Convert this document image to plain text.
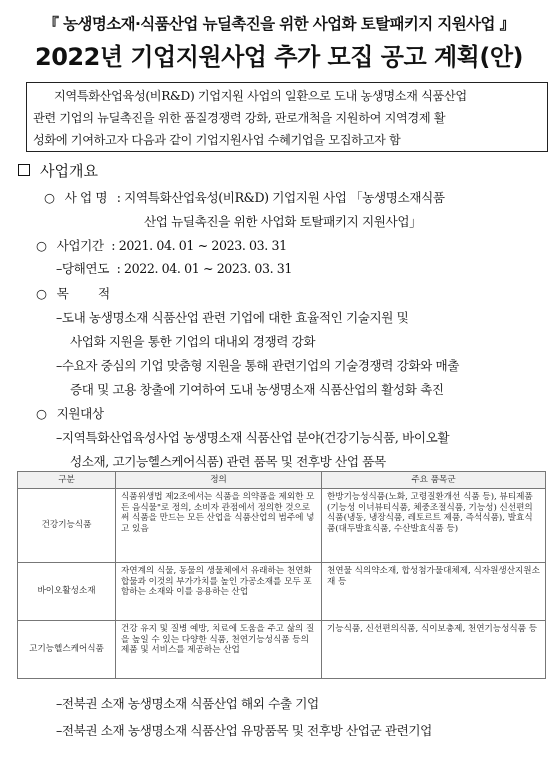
『 농생명소재·식품산업 뉴딜촉진을 위한 사업화 토탈패키지 지원사업 』
2022년 기업지원사업 추가 모집 공고 계획(안)
지역특화산업육성(비R&D) 기업지원 사업의 일환으로 도내 농생명소재 식품산업
관련 기업의 뉴딜촉진을 위한 품질경쟁력 강화, 판로개척을 지원하여 지역경제 활
성화에 기여하고자 다음과 같이 기업지원사업 수혜기업을 모집하고자 함
사업개요
○ 사 업 명 : 지역특화산업육성(비R&D) 기업지원 사업 「농생명소재식품
산업 뉴딜촉진을 위한 사업화 토탈패키지 지원사업」
○ 사업기간 : 2021. 04. 01 ~ 2023. 03. 31
–당해연도 : 2022. 04. 01 ~ 2023. 03. 31
○ 목 적
–도내 농생명소재 식품산업 관련 기업에 대한 효율적인 기술지원 및
사업화 지원을 통한 기업의 대내외 경쟁력 강화
–수요자 중심의 기업 맞춤형 지원을 통해 관련기업의 기술경쟁력 강화와 매출
증대 및 고용 창출에 기여하여 도내 농생명소재 식품산업의 활성화 촉진
○ 지원대상
–지역특화산업육성사업 농생명소재 식품산업 분야(건강기능식품, 바이오활
성소재, 고기능헬스케어식품) 관련 품목 및 전후방 산업 품목
구분	정의	주요 품목군
건강기능식품	식품위생법 제2조에서는 식품을 의약품을 제외한 모든 음식물"로 정의, 소비자 관점에서 정의한 것으로써 식품을 만드는 모든 산업을 식품산업의 범주에 넣고 있음	한방기능성식품(노화, 고령질환개선 식품 등), 뷰티제품(기능성 이너뷰티식품, 체중조절식품, 기능성) 신선편의식품(냉동, 냉장식품, 레토르트 제품, 즉석식품), 발효식품(대두발효식품, 수산발효식품 등)
바이오활성소재	자연계의 식물, 동물의 생물체에서 유래하는 천연화합물과 이것의 부가가치를 높인 가공소재를 모두 포함하는 소재와 이를 응용하는 산업	천연물 식의약소재, 합성첨가물대체제, 식자원생산지원소재 등
고기능헬스케어식품	건강 유지 및 질병 예방, 치료에 도움을 주고 삶의 질을 높일 수 있는 다양한 식품, 천연기능성식품 등의 제품 및 서비스를 제공하는 산업	기능식품, 신선편의식품, 식이보충제, 천연기능성식품 등
–전북권 소재 농생명소재 식품산업 해외 수출 기업
–전북권 소재 농생명소재 식품산업 유망품목 및 전후방 산업군 관련기업
